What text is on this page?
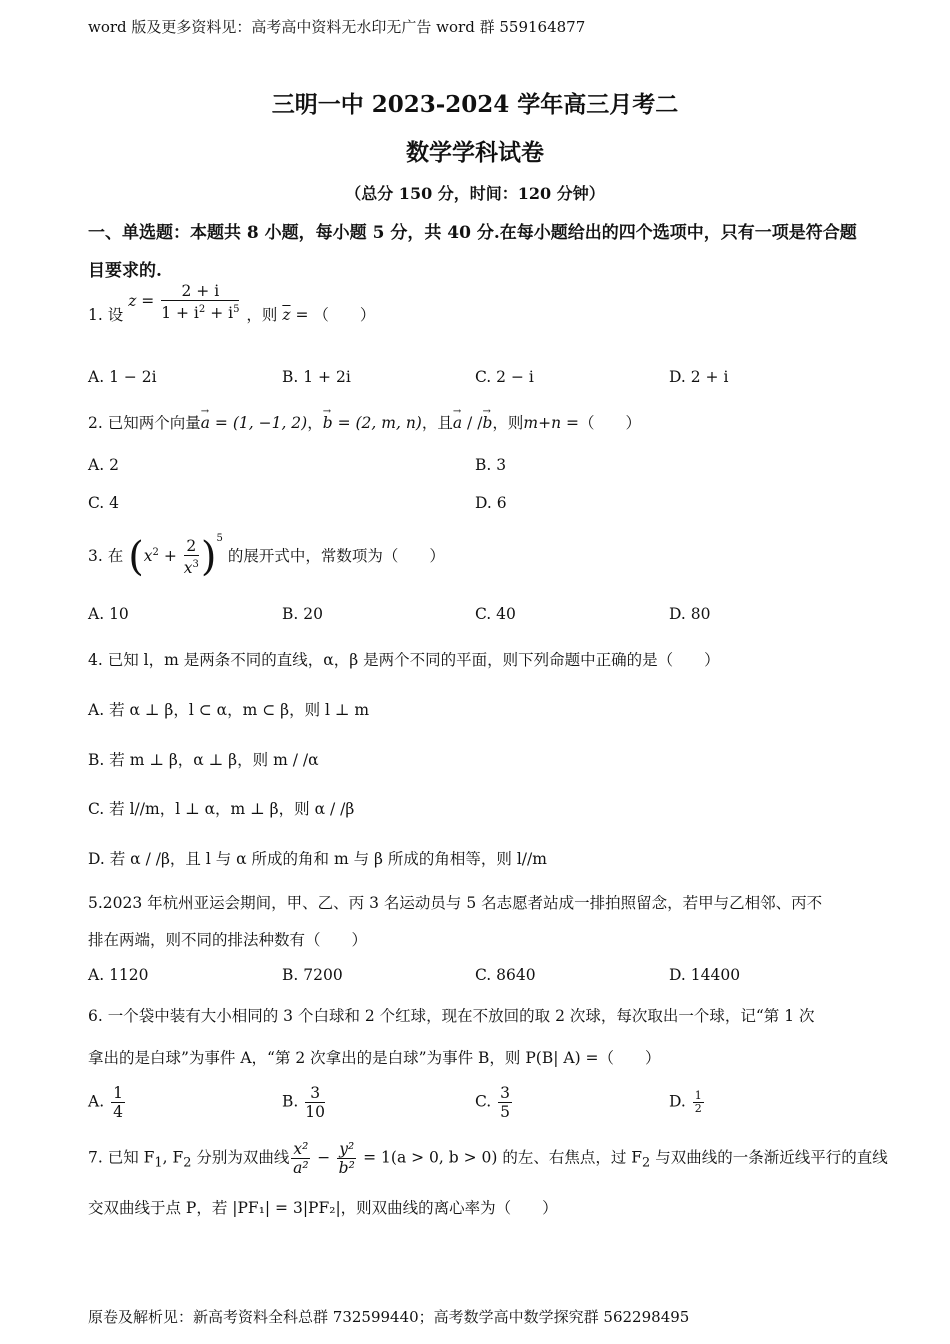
word 版及更多资料见：高考高中资料无水印无广告 word 群 559164877
三明一中 2023-2024 学年高三月考二
数学学科试卷
（总分 150 分，时间：120 分钟）
一、单选题：本题共 8 小题，每小题 5 分，共 40 分.在每小题给出的四个选项中，只有一项是符合题目要求的.
1. 设 $z = \frac{2 + i}{1 + i^2 + i^5}$ ，则 $\overline{z}$ = （　　）
A. 1 − 2i	B. 1 + 2i	C. 2 − i	D. 2 + i
2. 已知两个向量
→
a = (1, −1, 2)，
→
b = (2, m, n)，且
→
a / /
→
b，则m+n =（　　）
A. 2	B. 3
C. 4	D. 6
3. 在 $(x^2 + \frac{2}{x^3} )^5$ 的展开式中，常数项为（　　）
A. 10	B. 20	C. 40	D. 80
4. 已知 l，m 是两条不同的直线，α，β 是两个不同的平面，则下列命题中正确的是（　　）
A. 若 α ⊥ β，l ⊂ α，m ⊂ β，则 l ⊥ m
B. 若 m ⊥ β，α ⊥ β，则 m / /α
C. 若 l//m，l ⊥ α，m ⊥ β，则 α / /β
D. 若 α / /β，且 l 与 α 所成的角和 m 与 β 所成的角相等，则 l//m
5.2023 年杭州亚运会期间，甲、乙、丙 3 名运动员与 5 名志愿者站成一排拍照留念，若甲与乙相邻、丙不
排在两端，则不同的排法种数有（　　）
A. 1120	B. 7200	C. 8640	D. 14400
6. 一个袋中装有大小相同的 3 个白球和 2 个红球，现在不放回的取 2 次球，每次取出一个球，记“第 1 次
拿出的是白球”为事件 A，“第 2 次拿出的是白球”为事件 B，则 P(B| A) =（　　）
A. $\frac{1}{4}$	B. $\frac{3}{10}$	C. $\frac{3}{5}$	D. $\frac{1}{2}$
7. 已知 $F_1$, $F_2$ 分别为双曲线 $\frac{\text{x²}}{\text{a²}} - \frac{\text{y²}}{\text{b²}} = 1(a > 0$, b > 0) 的左、右焦点，过 $F_2$ 与双曲线的一条渐近线平行的直线
交双曲线于点 P，若 |PF₁| = 3|PF₂|，则双曲线的离心率为（　　）
原卷及解析见：新高考资料全科总群 732599440；高考数学高中数学探究群 562298495
